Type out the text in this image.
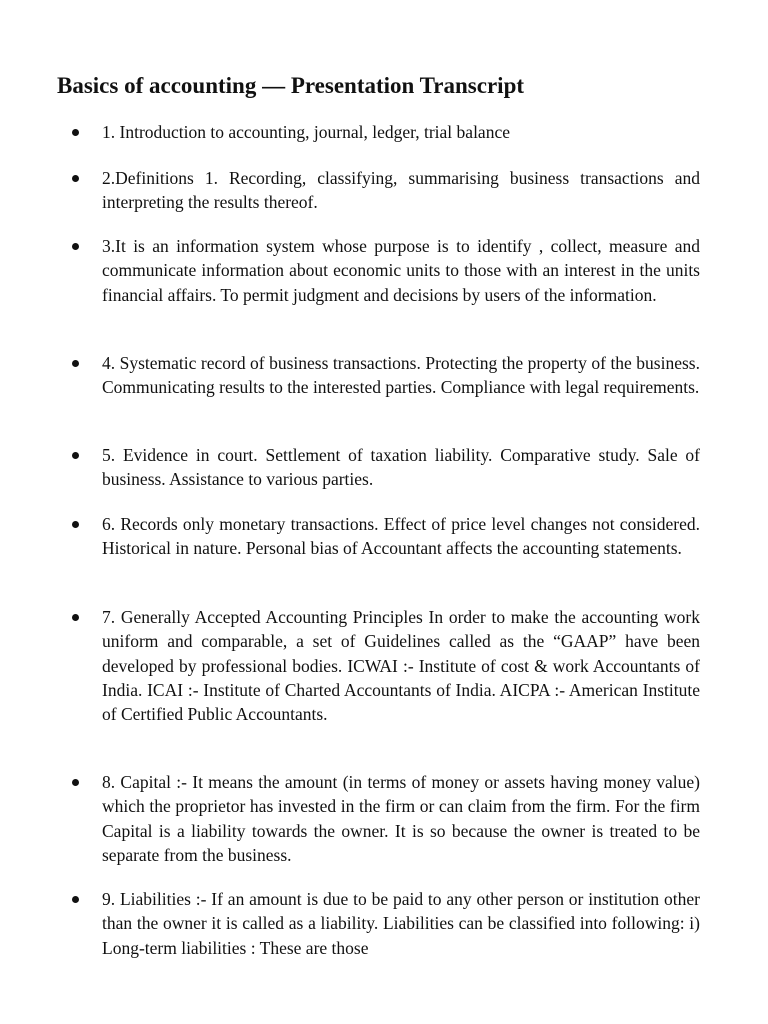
Basics of accounting — Presentation Transcript

1. Introduction to accounting, journal, ledger, trial balance

2.Definitions 1. Recording, classifying, summarising business transactions and interpreting the results thereof.

3.It is an information system whose purpose is to identify , collect, measure and communicate information about economic units to those with an interest in the units financial affairs. To permit judgment and decisions by users of the information.

4. Systematic record of business transactions. Protecting the property of the business. Communicating results to the interested parties. Compliance with legal requirements.

5. Evidence in court. Settlement of taxation liability. Comparative study. Sale of business. Assistance to various parties.

6. Records only monetary transactions. Effect of price level changes not considered. Historical in nature. Personal bias of Accountant affects the accounting statements.

7. Generally Accepted Accounting Principles In order to make the accounting work uniform and comparable, a set of Guidelines called as the “GAAP” have been developed by professional bodies. ICWAI :- Institute of cost & work Accountants of India. ICAI :- Institute of Charted Accountants of India. AICPA :- American Institute of Certified Public Accountants.

8. Capital :- It means the amount (in terms of money or assets having money value) which the proprietor has invested in the firm or can claim from the firm. For the firm Capital is a liability towards the owner. It is so because the owner is treated to be separate from the business.

9. Liabilities :- If an amount is due to be paid to any other person or institution other than the owner it is called as a liability. Liabilities can be classified into following: i) Long-term liabilities : These are those
